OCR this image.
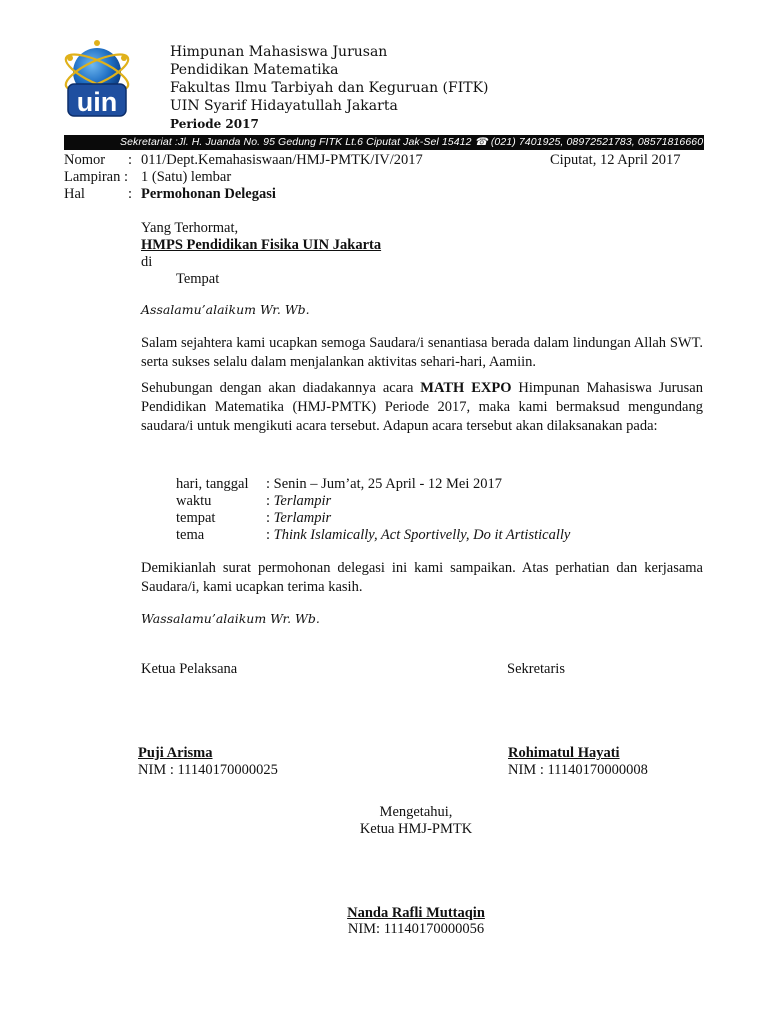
uin
Himpunan Mahasiswa Jurusan
Pendidikan Matematika
Fakultas Ilmu Tarbiyah dan Keguruan (FITK)
UIN Syarif Hidayatullah Jakarta
Periode 2017
Sekretariat :Jl. H. Juanda No. 95 Gedung FITK Lt.6 Ciputat Jak-Sel 15412 ☎ (021) 7401925, 08972521783, 085718166607
Nomor : 011/Dept.Kemahasiswaan/HMJ-PMTK/IV/2017	Ciputat, 12 April 2017
Lampiran : 1 (Satu) lembar
Hal	: Permohonan Delegasi
Yang Terhormat,
HMPS Pendidikan Fisika UIN Jakarta
di
Tempat
Assalamu’alaikum Wr. Wb.
Salam sejahtera kami ucapkan semoga Saudara/i senantiasa berada dalam lindungan Allah SWT. serta sukses selalu dalam menjalankan aktivitas sehari-hari, Aamiin.
Sehubungan dengan akan diadakannya acara MATH EXPO Himpunan Mahasiswa Jurusan Pendidikan Matematika (HMJ-PMTK) Periode 2017, maka kami bermaksud mengundang saudara/i untuk mengikuti acara tersebut. Adapun acara tersebut akan dilaksanakan pada:
hari, tanggal : Senin – Jum’at, 25 April - 12 Mei 2017
waktu	: Terlampir
tempat	: Terlampir
tema	: Think Islamically, Act Sportivelly, Do it Artistically
Demikianlah surat permohonan delegasi ini kami sampaikan. Atas perhatian dan kerjasama Saudara/i, kami ucapkan terima kasih.
Wassalamu’alaikum Wr. Wb.
Ketua Pelaksana	Sekretaris
Puji Arisma
NIM : 11140170000025
Rohimatul Hayati
NIM : 11140170000008
Mengetahui,
Ketua HMJ-PMTK
Nanda Rafli Muttaqin
NIM: 11140170000056
